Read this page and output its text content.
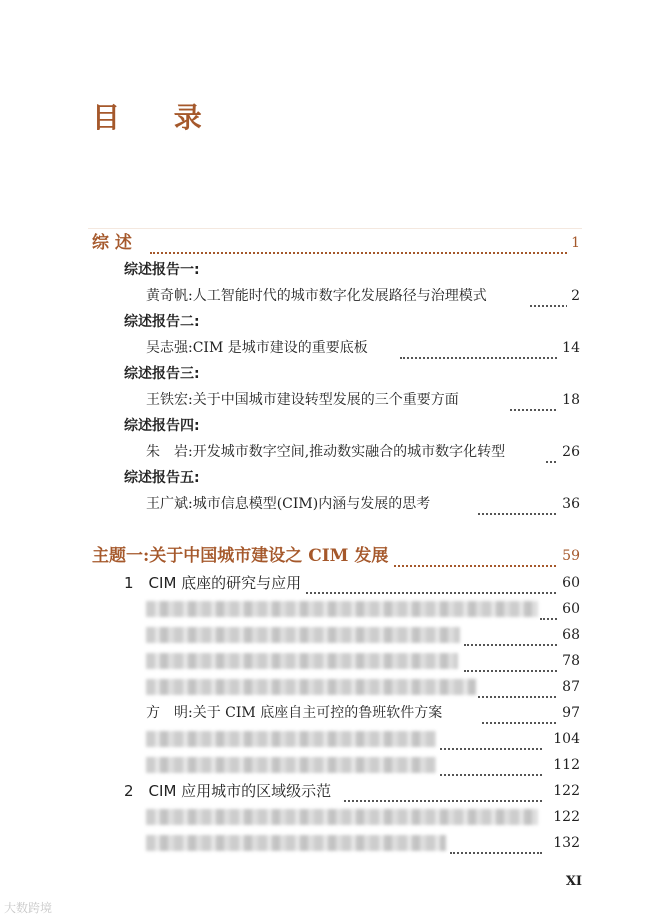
目 录
综 述	1
综述报告一:
黄奇帆:人工智能时代的城市数字化发展路径与治理模式	2
综述报告二:
吴志强:CIM 是城市建设的重要底板	14
综述报告三:
王铁宏:关于中国城市建设转型发展的三个重要方面	18
综述报告四:
朱　岩:开发城市数字空间,推动数实融合的城市数字化转型	26
综述报告五:
王广斌:城市信息模型(CIM)内涵与发展的思考	36
主题一:关于中国城市建设之 CIM 发展	59
1　CIM 底座的研究与应用	60
60
68
78
87
方　明:关于 CIM 底座自主可控的鲁班软件方案	97
104
112
2　CIM 应用城市的区域级示范	122
122
132
XI
大数跨境
